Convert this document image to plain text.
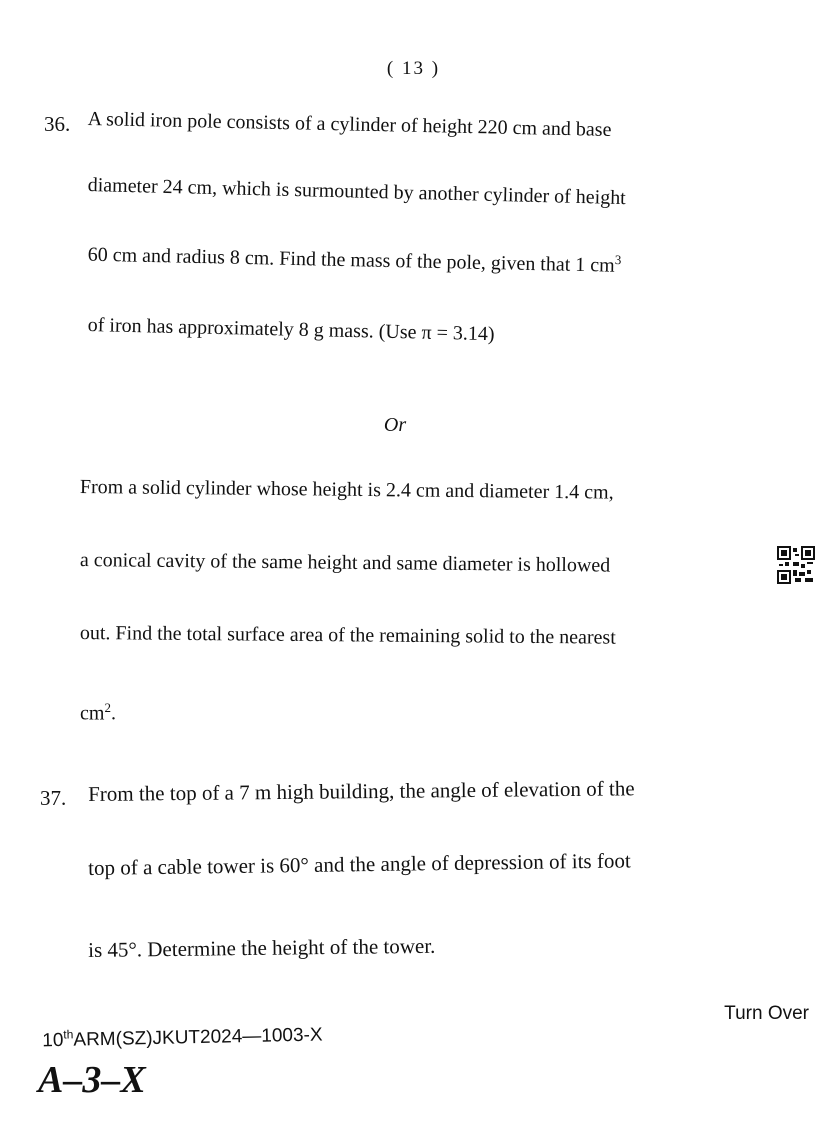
( 13 )
36. A solid iron pole consists of a cylinder of height 220 cm and base
diameter 24 cm, which is surmounted by another cylinder of height
60 cm and radius 8 cm. Find the mass of the pole, given that 1 $cm^3$
of iron has approximately 8 g mass. (Use π = 3.14)
Or
From a solid cylinder whose height is 2.4 cm and diameter 1.4 cm,
a conical cavity of the same height and same diameter is hollowed
out. Find the total surface area of the remaining solid to the nearest
$cm^2$.
37. From the top of a 7 m high building, the angle of elevation of the
top of a cable tower is 60° and the angle of depression of its foot
is 45°. Determine the height of the tower.
Turn Over
10thARM(SZ)JKUT2024—1003-X
A–3–X
